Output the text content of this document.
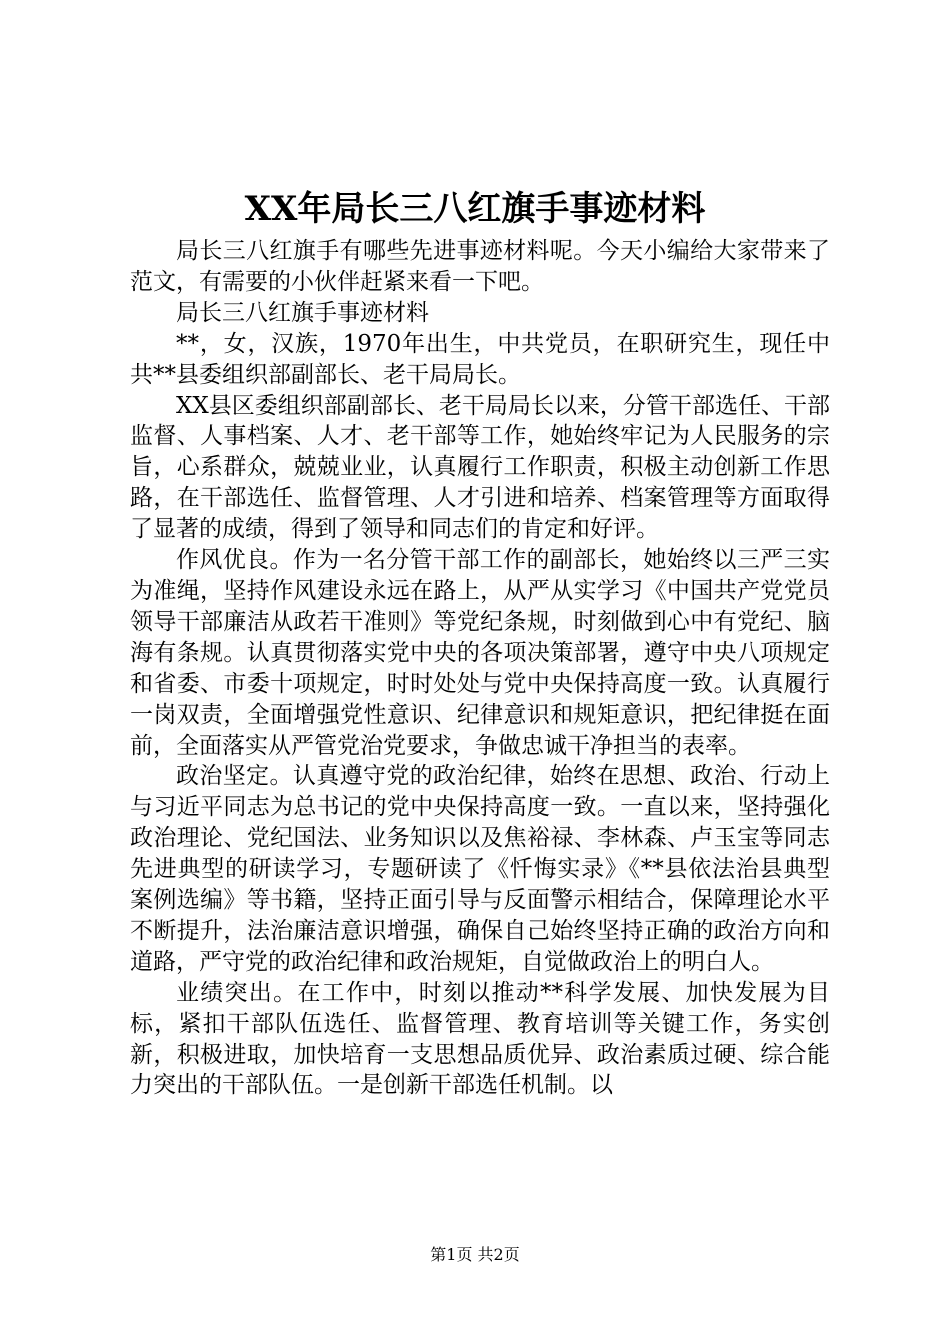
XX年局长三八红旗手事迹材料

局长三八红旗手有哪些先进事迹材料呢。今天小编给大家带来了范文，有需要的小伙伴赶紧来看一下吧。

局长三八红旗手事迹材料

**，女，汉族，1970年出生，中共党员，在职研究生，现任中共**县委组织部副部长、老干局局长。

XX县区委组织部副部长、老干局局长以来，分管干部选任、干部监督、人事档案、人才、老干部等工作，她始终牢记为人民服务的宗旨，心系群众，兢兢业业，认真履行工作职责，积极主动创新工作思路，在干部选任、监督管理、人才引进和培养、档案管理等方面取得了显著的成绩，得到了领导和同志们的肯定和好评。

作风优良。作为一名分管干部工作的副部长，她始终以三严三实为准绳，坚持作风建设永远在路上，从严从实学习《中国共产党党员领导干部廉洁从政若干准则》等党纪条规，时刻做到心中有党纪、脑海有条规。认真贯彻落实党中央的各项决策部署，遵守中央八项规定和省委、市委十项规定，时时处处与党中央保持高度一致。认真履行一岗双责，全面增强党性意识、纪律意识和规矩意识，把纪律挺在面前，全面落实从严管党治党要求，争做忠诚干净担当的表率。

政治坚定。认真遵守党的政治纪律，始终在思想、政治、行动上与习近平同志为总书记的党中央保持高度一致。一直以来，坚持强化政治理论、党纪国法、业务知识以及焦裕禄、李林森、卢玉宝等同志先进典型的研读学习，专题研读了《忏悔实录》《**县依法治县典型案例选编》等书籍，坚持正面引导与反面警示相结合，保障理论水平不断提升，法治廉洁意识增强，确保自己始终坚持正确的政治方向和道路，严守党的政治纪律和政治规矩，自觉做政治上的明白人。

业绩突出。在工作中，时刻以推动**科学发展、加快发展为目标，紧扣干部队伍选任、监督管理、教育培训等关键工作，务实创新，积极进取，加快培育一支思想品质优异、政治素质过硬、综合能力突出的干部队伍。一是创新干部选任机制。以

第1页 共2页
